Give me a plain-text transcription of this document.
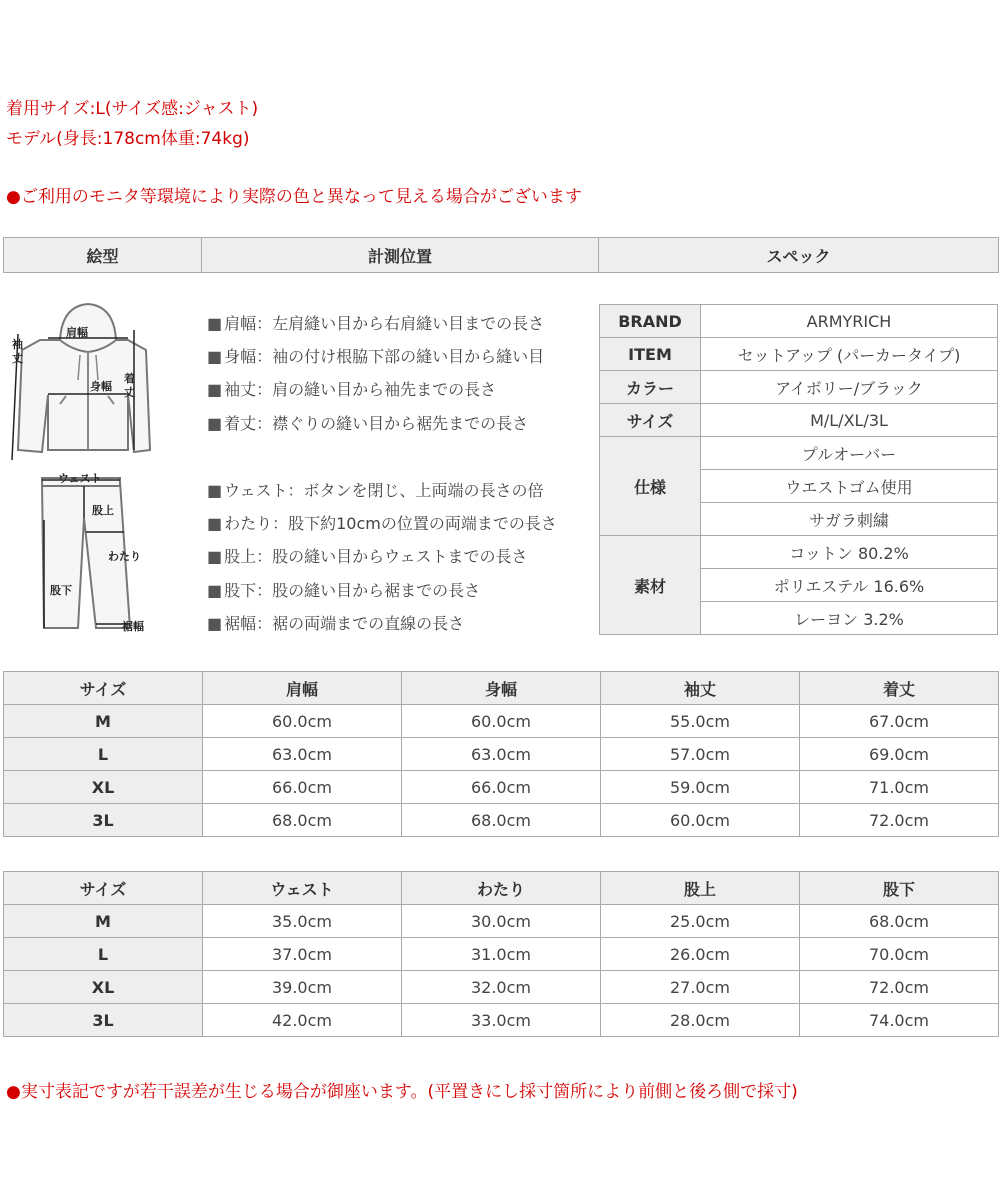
着用サイズ:L(サイズ感:ジャスト)
モデル(身長:178cm体重:74kg)
●ご利用のモニタ等環境により実際の色と異なって見える場合がございます
絵型	計測位置	スペック
肩幅
袖
丈
身幅
着
丈
ウェスト
股上
わたり
股下
裾幅
■ 肩幅：左肩縫い目から右肩縫い目までの長さ
■ 身幅：袖の付け根脇下部の縫い目から縫い目
■ 袖丈：肩の縫い目から袖先までの長さ
■ 着丈：襟ぐりの縫い目から裾先までの長さ
■ ウェスト：ボタンを閉じ、上両端の長さの倍
■ わたり：股下約10cmの位置の両端までの長さ
■ 股上：股の縫い目からウェストまでの長さ
■ 股下：股の縫い目から裾までの長さ
■ 裾幅：裾の両端までの直線の長さ
BRAND	ARMYRICH
ITEM	セットアップ (パーカータイプ)
カラー	アイボリー/ブラック
サイズ	M/L/XL/3L
仕様	プルオーバー
	ウエストゴム使用
	サガラ刺繍
素材	コットン 80.2%
	ポリエステル 16.6%
	レーヨン 3.2%
サイズ	肩幅	身幅	袖丈	着丈
M	60.0cm	60.0cm	55.0cm	67.0cm
L	63.0cm	63.0cm	57.0cm	69.0cm
XL	66.0cm	66.0cm	59.0cm	71.0cm
3L	68.0cm	68.0cm	60.0cm	72.0cm
サイズ	ウェスト	わたり	股上	股下
M	35.0cm	30.0cm	25.0cm	68.0cm
L	37.0cm	31.0cm	26.0cm	70.0cm
XL	39.0cm	32.0cm	27.0cm	72.0cm
3L	42.0cm	33.0cm	28.0cm	74.0cm
●実寸表記ですが若干誤差が生じる場合が御座います。(平置きにし採寸箇所により前側と後ろ側で採寸)
